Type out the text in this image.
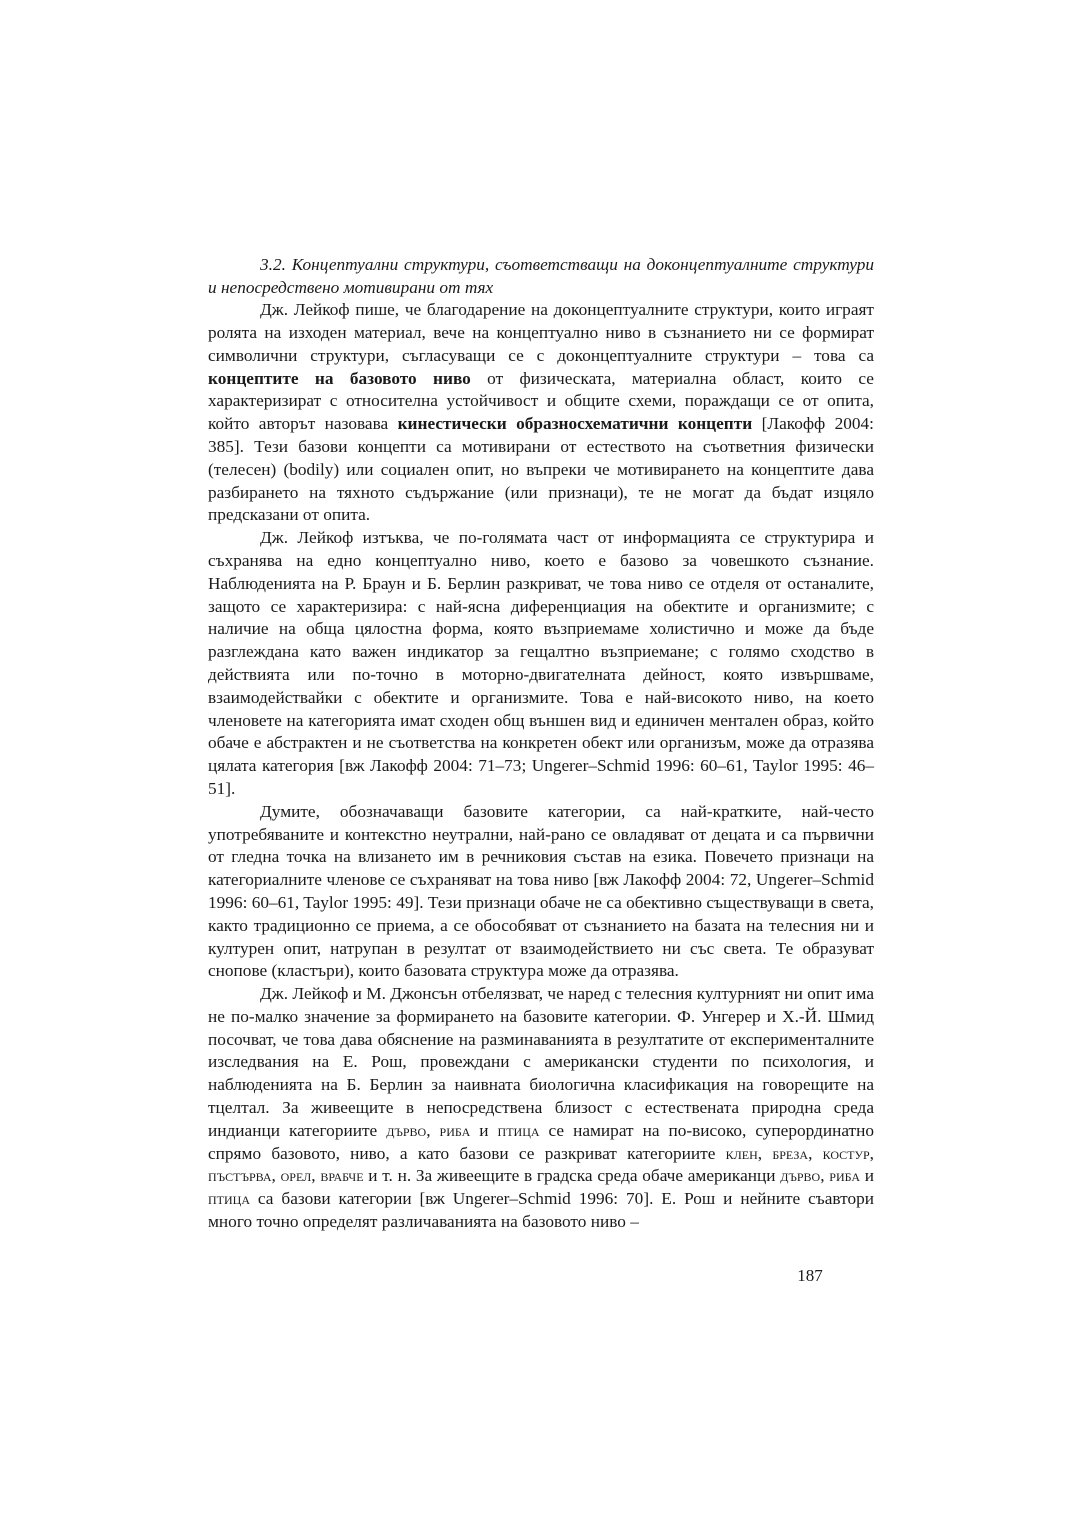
3.2. Концептуални структури, съответстващи на доконцептуалните структури и непосредствено мотивирани от тях

Дж. Лейкоф пише, че благодарение на доконцептуалните структури, които играят ролята на изходен материал, вече на концептуално ниво в съзнанието ни се формират символични структури, съгласуващи се с доконцептуалните структури – това са концептите на базовото ниво от физическата, материална област, които се характеризират с относителна устойчивост и общите схеми, пораждащи се от опита, който авторът назовава кинестически образносхематични концепти [Лакофф 2004: 385]. Тези базови концепти са мотивирани от естеството на съответния физически (телесен) (bodily) или социален опит, но въпреки че мотивирането на концептите дава разбирането на тяхното съдържание (или признаци), те не могат да бъдат изцяло предсказани от опита.

Дж. Лейкоф изтъква, че по-голямата част от информацията се структурира и съхранява на едно концептуално ниво, което е базово за човешкото съзнание. Наблюденията на Р. Браун и Б. Берлин разкриват, че това ниво се отделя от останалите, защото се характеризира: с най-ясна диференциация на обектите и организмите; с наличие на обща цялостна форма, която възприемаме холистично и може да бъде разглеждана като важен индикатор за гещалтно възприемане; с голямо сходство в действията или по-точно в моторно-двигателната дейност, която извършваме, взаимодействайки с обектите и организмите. Това е най-високото ниво, на което членовете на категорията имат сходен общ външен вид и единичен ментален образ, който обаче е абстрактен и не съответства на конкретен обект или организъм, може да отразява цялата категория [вж Лакофф 2004: 71–73; Ungerer–Schmid 1996: 60–61, Taylor 1995: 46–51].

Думите, обозначаващи базовите категории, са най-кратките, най-често употребяваните и контекстно неутрални, най-рано се овладяват от децата и са първични от гледна точка на влизането им в речниковия състав на езика. Повечето признаци на категориалните членове се съхраняват на това ниво [вж Лакофф 2004: 72, Ungerer–Schmid 1996: 60–61, Taylor 1995: 49]. Тези признаци обаче не са обективно съществуващи в света, както традиционно се приема, а се обособяват от съзнанието на базата на телесния ни и културен опит, натрупан в резултат от взаимодействието ни със света. Те образуват снопове (кластъри), които базовата структура може да отразява.

Дж. Лейкоф и М. Джонсън отбелязват, че наред с телесния културният ни опит има не по-малко значение за формирането на базовите категории. Ф. Унгерер и Х.-Й. Шмид посочват, че това дава обяснение на разминаванията в резултатите от експерименталните изследвания на Е. Рош, провеждани с американски студенти по психология, и наблюденията на Б. Берлин за наивната биологична класификация на говорещите на тцелтал. За живеещите в непосредствена близост с естествената природна среда индианци категориите дърво, риба и птица се намират на по-високо, суперординатно спрямо базовото, ниво, а като базови се разкриват категориите клен, бреза, костур, пъстърва, орел, врабче и т. н. За живеещите в градска среда обаче американци дърво, риба и птица са базови категории [вж Ungerer–Schmid 1996: 70]. Е. Рош и нейните съавтори много точно определят различаванията на базовото ниво –

187
